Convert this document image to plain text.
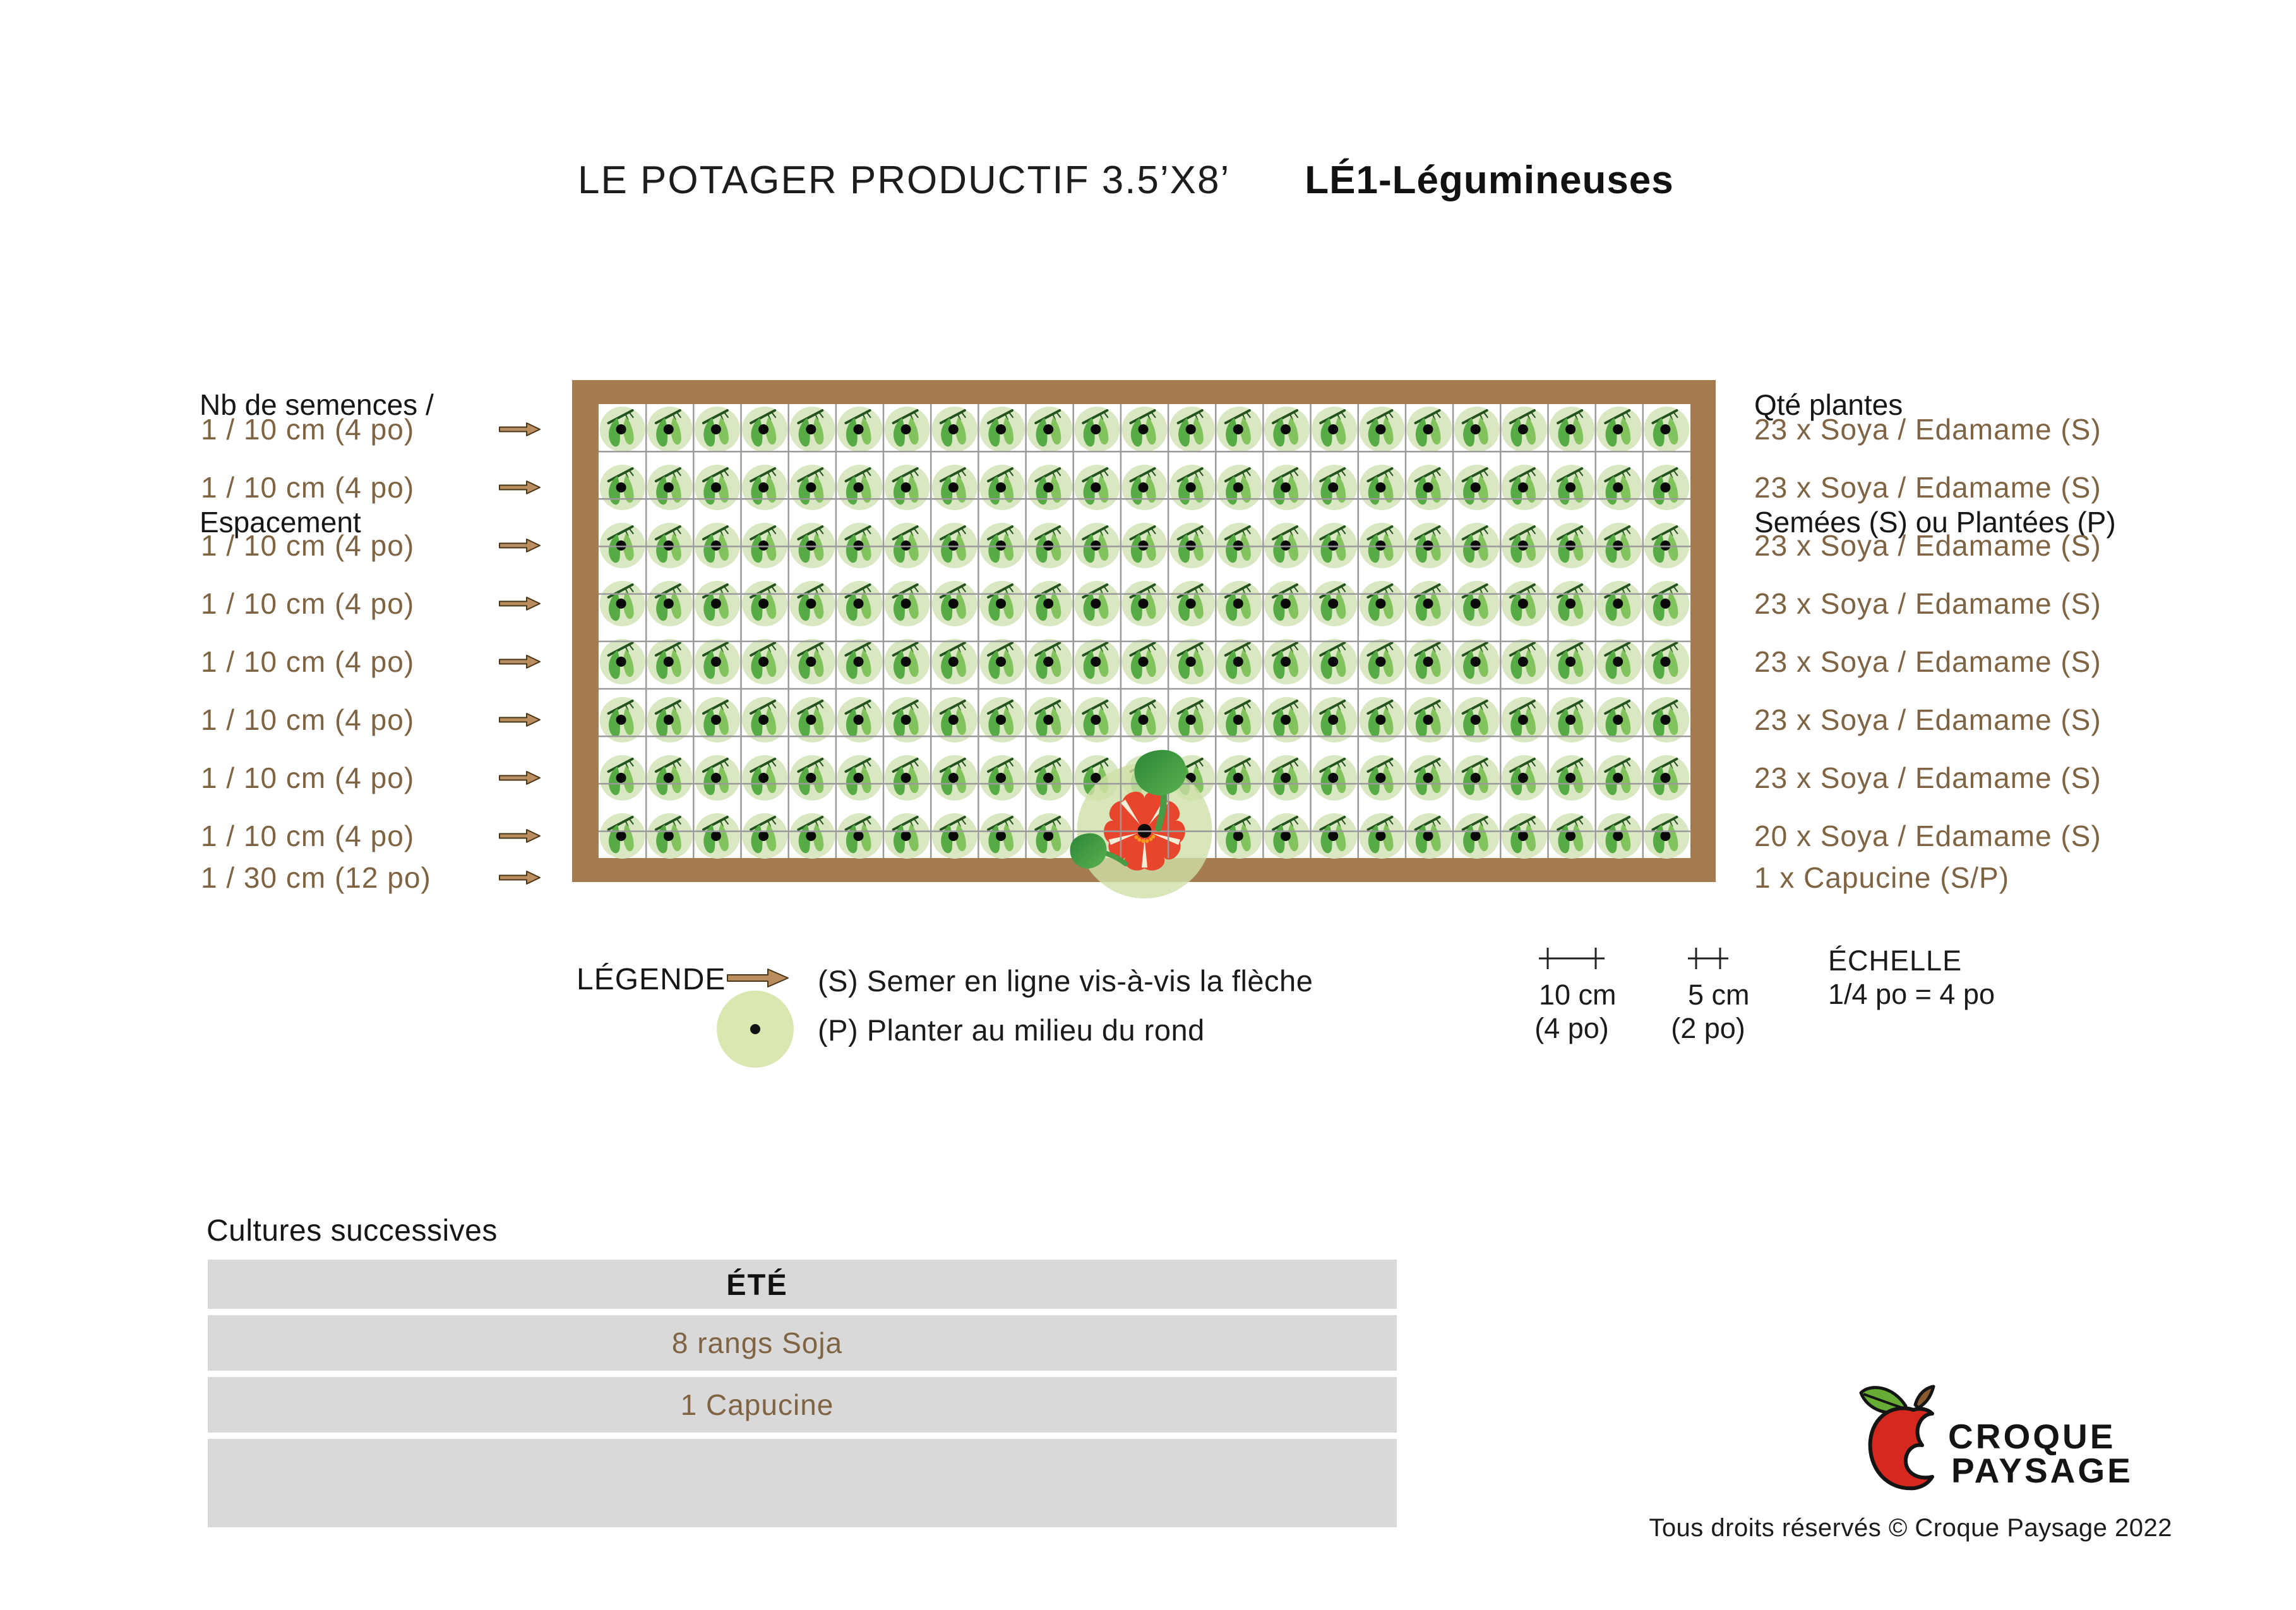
LE POTAGER PRODUCTIF 3.5’X8’ LÉ1-Légumineuses

Nb de semences /

Espacement

Qté plantes

Semées (S) ou Plantées (P)

1 / 10 cm (4 po)
1 / 10 cm (4 po)
1 / 10 cm (4 po)
1 / 10 cm (4 po)
1 / 10 cm (4 po)
1 / 10 cm (4 po)
1 / 10 cm (4 po)
1 / 10 cm (4 po)
1 / 30 cm (12 po)
23 x Soya / Edamame (S)
23 x Soya / Edamame (S)
23 x Soya / Edamame (S)
23 x Soya / Edamame (S)
23 x Soya / Edamame (S)
23 x Soya / Edamame (S)
23 x Soya / Edamame (S)
20 x Soya / Edamame (S)
1 x Capucine (S/P)
LÉGENDE	(S) Semer en ligne vis-à-vis la flèche
(P) Planter au milieu du rond
10 cm
(4 po)
5 cm
(2 po)
ÉCHELLE
1/4 po = 4 po
Cultures successives
ÉTÉ
8 rangs Soja
1 Capucine
CROQUE
PAYSAGE
Tous droits réservés © Croque Paysage 2022
